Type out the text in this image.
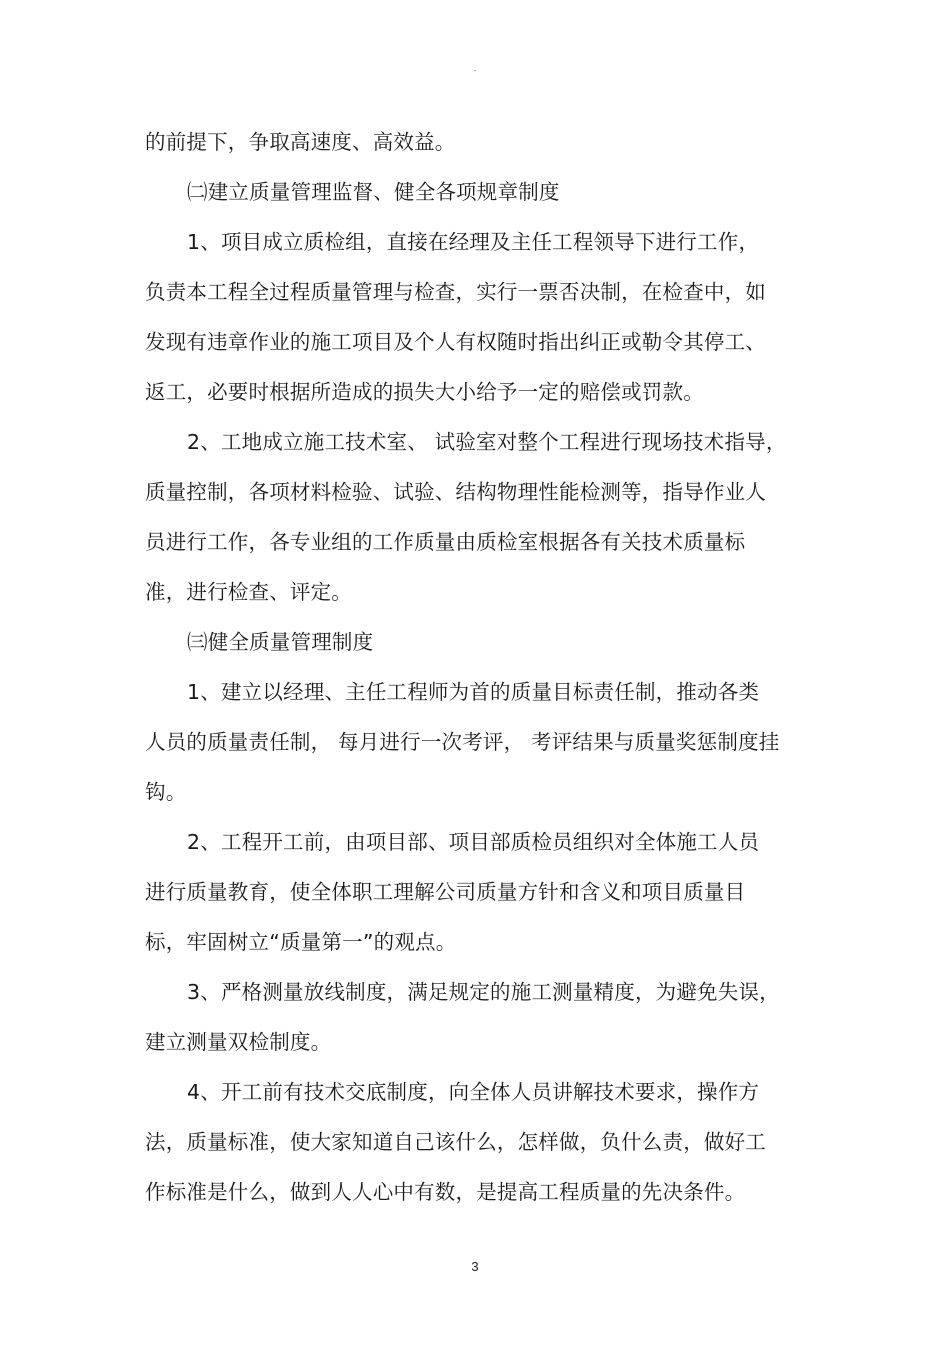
-
的前提下，争取高速度、高效益。
㈡建立质量管理监督、健全各项规章制度
1、项目成立质检组，直接在经理及主任工程领导下进行工作，
负责本工程全过程质量管理与检查，实行一票否决制，在检查中，如
发现有违章作业的施工项目及个人有权随时指出纠正或勒令其停工、
返工，必要时根据所造成的损失大小给予一定的赔偿或罚款。
2、工地成立施工技术室、 试验室对整个工程进行现场技术指导，
质量控制，各项材料检验、试验、结构物理性能检测等，指导作业人
员进行工作，各专业组的工作质量由质检室根据各有关技术质量标
准，进行检查、评定。
㈢健全质量管理制度
1、建立以经理、主任工程师为首的质量目标责任制，推动各类
人员的质量责任制， 每月进行一次考评， 考评结果与质量奖惩制度挂
钩。
2、工程开工前，由项目部、项目部质检员组织对全体施工人员
进行质量教育，使全体职工理解公司质量方针和含义和项目质量目
标，牢固树立“质量第一”的观点。
3、严格测量放线制度，满足规定的施工测量精度，为避免失误，
建立测量双检制度。
4、开工前有技术交底制度，向全体人员讲解技术要求，操作方
法，质量标准，使大家知道自己该什么，怎样做，负什么责，做好工
作标准是什么，做到人人心中有数，是提高工程质量的先决条件。
3
